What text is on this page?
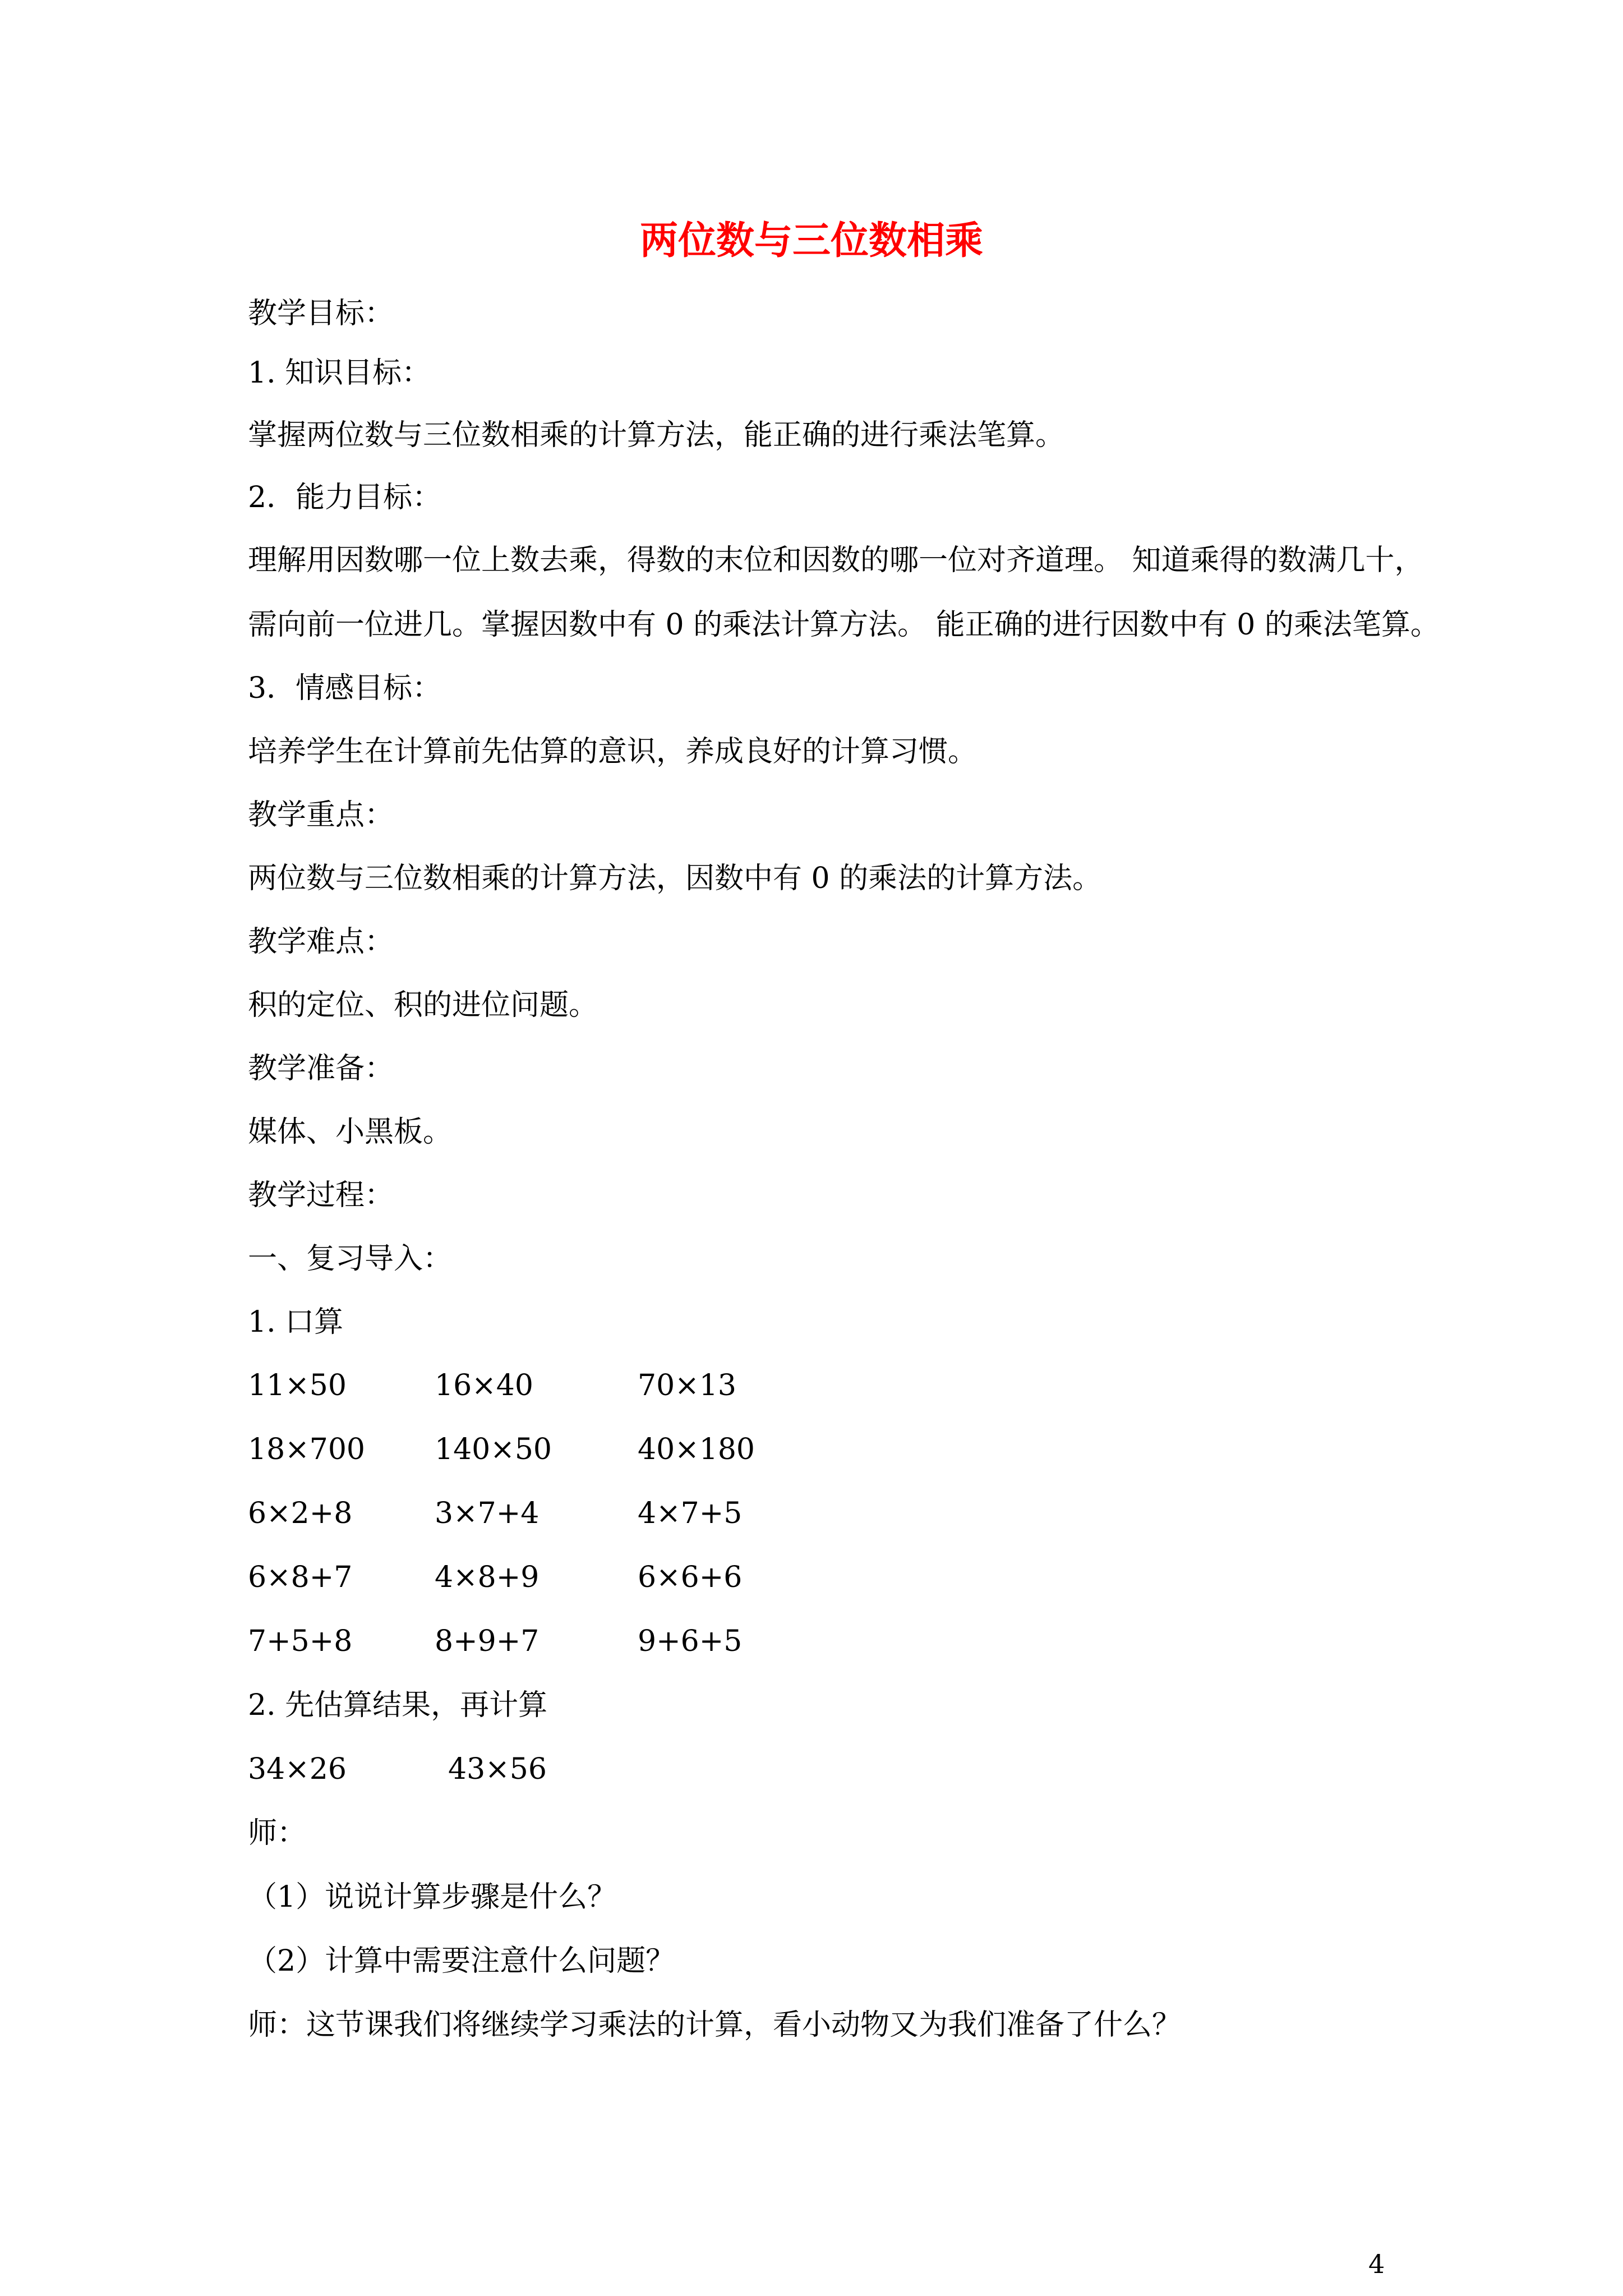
两位数与三位数相乘
教学目标：
1. 知识目标：
掌握两位数与三位数相乘的计算方法，能正确的进行乘法笔算。
2．能力目标：
理解用因数哪一位上数去乘，得数的末位和因数的哪一位对齐道理。 知道乘得的数满几十，
需向前一位进几。掌握因数中有 0 的乘法计算方法。 能正确的进行因数中有 0 的乘法笔算。
3．情感目标：
培养学生在计算前先估算的意识，养成良好的计算习惯。
教学重点：
两位数与三位数相乘的计算方法，因数中有 0 的乘法的计算方法。
教学难点：
积的定位、积的进位问题。
教学准备：
媒体、小黑板。
教学过程：
一、复习导入：
1. 口算
11×50	16×40	70×13
18×700 140×50	40×180
6×2+8	3×7+4	4×7+5
6×8+7	4×8+9	6×6+6
7+5+8	8+9+7	9+6+5
2. 先估算结果，再计算
34×26	43×56
师：
（1）说说计算步骤是什么？
（2）计算中需要注意什么问题？
师：这节课我们将继续学习乘法的计算，看小动物又为我们准备了什么？
4
